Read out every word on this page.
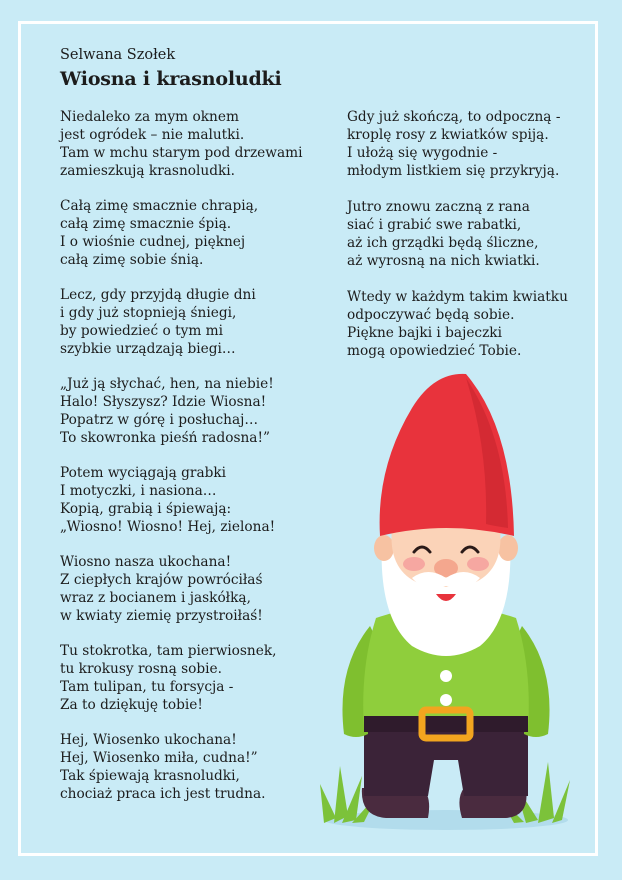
Selwana Szołek
Wiosna i krasnoludki

Niedaleko za mym oknem
jest ogródek – nie malutki.
Tam w mchu starym pod drzewami
zamieszkują krasnoludki.

Całą zimę smacznie chrapią,
całą zimę smacznie śpią.
I o wiośnie cudnej, pięknej
całą zimę sobie śnią.

Lecz, gdy przyjdą długie dni
i gdy już stopnieją śniegi,
by powiedzieć o tym mi
szybkie urządzają biegi…

„Już ją słychać, hen, na niebie!
Halo! Słyszysz? Idzie Wiosna!
Popatrz w górę i posłuchaj…
To skowronka pieśń radosna!”

Potem wyciągają grabki
I motyczki, i nasiona…
Kopią, grabią i śpiewają:
„Wiosno! Wiosno! Hej, zielona!

Wiosno nasza ukochana!
Z ciepłych krajów powróciłaś
wraz z bocianem i jaskółką,
w kwiaty ziemię przystroiłaś!

Tu stokrotka, tam pierwiosnek,
tu krokusy rosną sobie.
Tam tulipan, tu forsycja -
Za to dziękuję tobie!

Hej, Wiosenko ukochana!
Hej, Wiosenko miła, cudna!”
Tak śpiewają krasnoludki,
chociaż praca ich jest trudna.

Gdy już skończą, to odpoczną -
kroplę rosy z kwiatków spiją.
I ułożą się wygodnie -
młodym listkiem się przykryją.

Jutro znowu zaczną z rana
siać i grabić swe rabatki,
aż ich grządki będą śliczne,
aż wyrosną na nich kwiatki.

Wtedy w każdym takim kwiatku
odpoczywać będą sobie.
Piękne bajki i bajeczki
mogą opowiedzieć Tobie.
